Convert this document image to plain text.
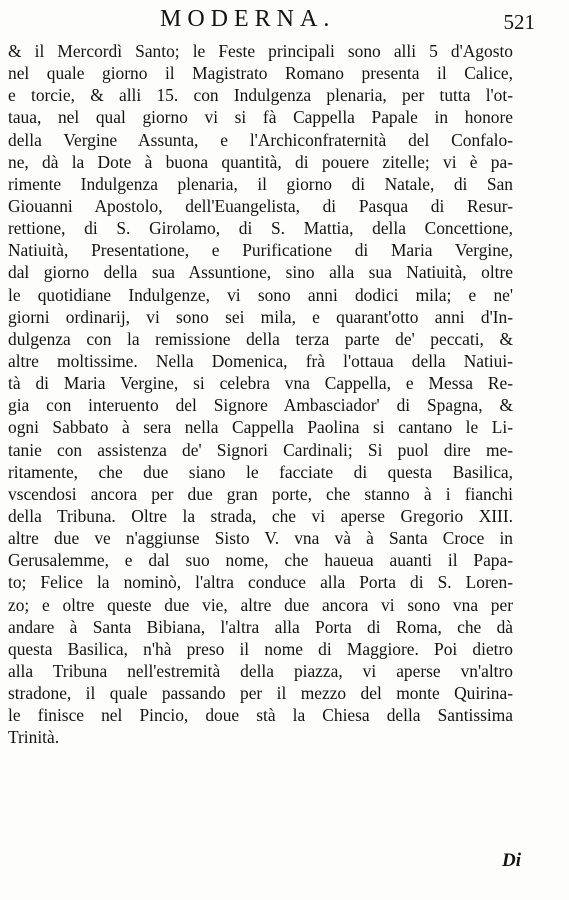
MODERNA.	521
& il Mercordì Santo; le Feste principali sono alli 5 d'Agosto
nel quale giorno il Magistrato Romano presenta il Calice,
e torcie, & alli 15. con Indulgenza plenaria, per tutta l'ot-
taua, nel qual giorno vi si fà Cappella Papale in honore
della Vergine Assunta, e l'Archiconfraternità del Confalo-
ne, dà la Dote à buona quantità, di pouere zitelle; vi è pa-
rimente Indulgenza plenaria, il giorno di Natale, di San
Giouanni Apostolo, dell'Euangelista, di Pasqua di Resur-
rettione, di S. Girolamo, di S. Mattia, della Concettione,
Natiuità, Presentatione, e Purificatione di Maria Vergine,
dal giorno della sua Assuntione, sino alla sua Natiuità, oltre
le quotidiane Indulgenze, vi sono anni dodici mila; e ne'
giorni ordinarij, vi sono sei mila, e quarant'otto anni d'In-
dulgenza con la remissione della terza parte de' peccati, &
altre moltissime. Nella Domenica, frà l'ottaua della Natiui-
tà di Maria Vergine, si celebra vna Cappella, e Messa Re-
gia con interuento del Signore Ambasciador' di Spagna, &
ogni Sabbato à sera nella Cappella Paolina si cantano le Li-
tanie con assistenza de' Signori Cardinali; Si puol dire me-
ritamente, che due siano le facciate di questa Basilica,
vscendosi ancora per due gran porte, che stanno à i fianchi
della Tribuna. Oltre la strada, che vi aperse Gregorio XIII.
altre due ve n'aggiunse Sisto V. vna và à Santa Croce in
Gerusalemme, e dal suo nome, che haueua auanti il Papa-
to; Felice la nominò, l'altra conduce alla Porta di S. Loren-
zo; e oltre queste due vie, altre due ancora vi sono vna per
andare à Santa Bibiana, l'altra alla Porta di Roma, che dà
questa Basilica, n'hà preso il nome di Maggiore. Poi dietro
alla Tribuna nell'estremità della piazza, vi aperse vn'altro
stradone, il quale passando per il mezzo del monte Quirina-
le finisce nel Pincio, doue stà la Chiesa della Santissima
Trinità.
Di
